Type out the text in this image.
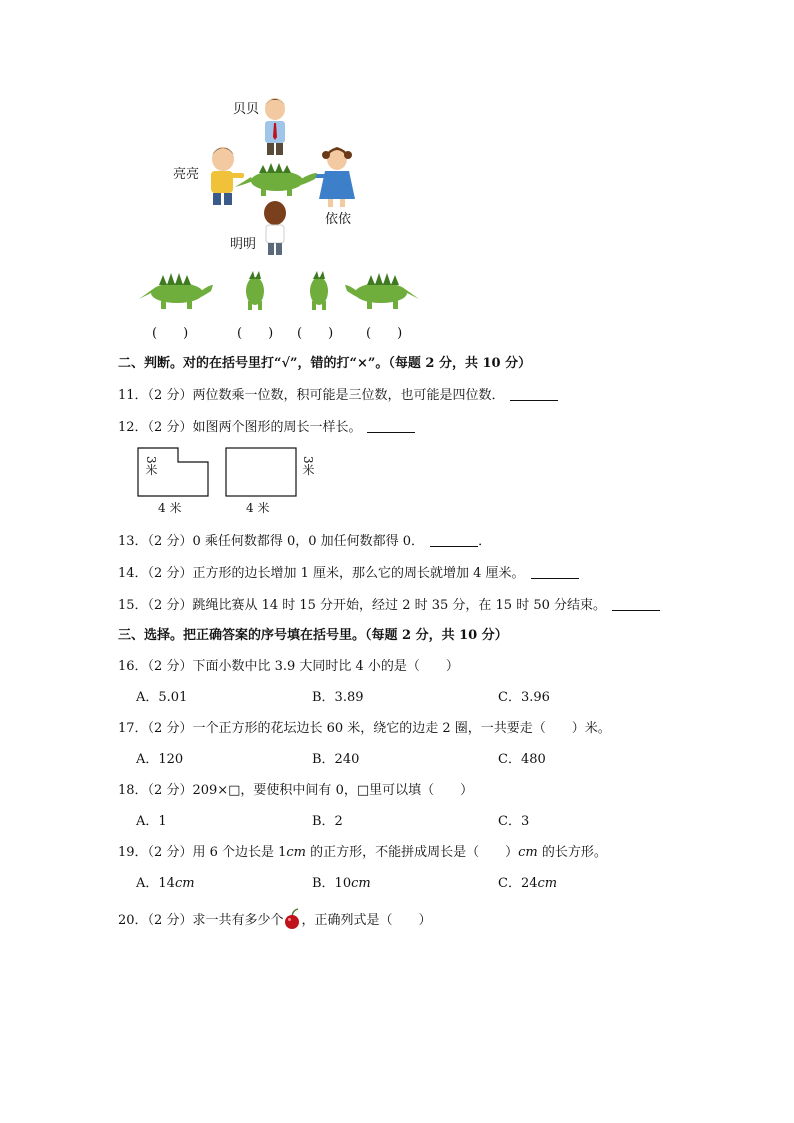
贝贝
亮亮
依依
明明
(　　)	(　　) (　　)	(　　)
二、判断。对的在括号里打“√”，错的打“×”。（每题 2 分，共 10 分）
11．（2 分）两位数乘一位数，积可能是三位数，也可能是四位数．
12．（2 分）如图两个图形的周长一样长。
3米
4 米
3米
4 米
13．（2 分）0 乘任何数都得 0，0 加任何数都得 0．	．
14．（2 分）正方形的边长增加 1 厘米，那么它的周长就增加 4 厘米。
15．（2 分）跳绳比赛从 14 时 15 分开始，经过 2 时 35 分，在 15 时 50 分结束。
三、选择。把正确答案的序号填在括号里。（每题 2 分，共 10 分）
16．（2 分）下面小数中比 3.9 大同时比 4 小的是（　　）
A．5.01	B．3.89	C．3.96
17．（2 分）一个正方形的花坛边长 60 米，绕它的边走 2 圈，一共要走（　　）米。
A．120	B．240	C．480
18．（2 分）209×□，要使积中间有 0，□里可以填（　　）
A．1	B．2	C．3
19．（2 分）用 6 个边长是 1cm 的正方形，不能拼成周长是（　　）cm 的长方形。
A．14cm	B．10cm	C．24cm
20．（2 分）求一共有多少个 ，正确列式是（　　）
